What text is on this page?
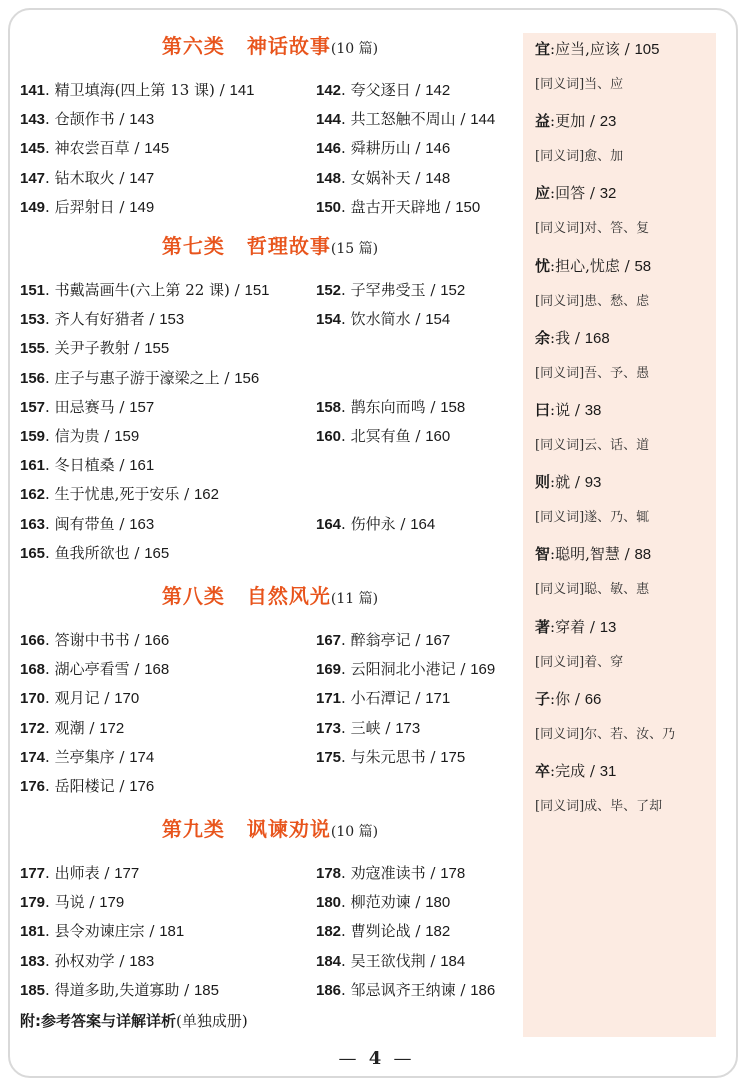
第六类 神话故事(10 篇)
141. 精卫填海(四上第 13 课) / 141	142. 夸父逐日 / 142
143. 仓颉作书 / 143	144. 共工怒触不周山 / 144
145. 神农尝百草 / 145	146. 舜耕历山 / 146
147. 钻木取火 / 147	148. 女娲补天 / 148
149. 后羿射日 / 149	150. 盘古开天辟地 / 150
第七类 哲理故事(15 篇)
151. 书戴嵩画牛(六上第 22 课) / 151	152. 子罕弗受玉 / 152
153. 齐人有好猎者 / 153	154. 饮水简水 / 154
155. 关尹子教射 / 155
156. 庄子与惠子游于濠梁之上 / 156
157. 田忌赛马 / 157	158. 鹊东向而鸣 / 158
159. 信为贵 / 159	160. 北冥有鱼 / 160
161. 冬日植桑 / 161
162. 生于忧患,死于安乐 / 162
163. 闽有带鱼 / 163	164. 伤仲永 / 164
165. 鱼我所欲也 / 165
第八类 自然风光(11 篇)
166. 答谢中书书 / 166	167. 醉翁亭记 / 167
168. 湖心亭看雪 / 168	169. 云阳洞北小港记 / 169
170. 观月记 / 170	171. 小石潭记 / 171
172. 观潮 / 172	173. 三峡 / 173
174. 兰亭集序 / 174	175. 与朱元思书 / 175
176. 岳阳楼记 / 176
第九类 讽谏劝说(10 篇)
177. 出师表 / 177	178. 劝寇准读书 / 178
179. 马说 / 179	180. 柳范劝谏 / 180
181. 县令劝谏庄宗 / 181	182. 曹刿论战 / 182
183. 孙权劝学 / 183	184. 吴王欲伐荆 / 184
185. 得道多助,失道寡助 / 185	186. 邹忌讽齐王纳谏 / 186
附:参考答案与详解详析(单独成册)
宜:应当,应该 / 105
[同义词]当、应
益:更加 / 23
[同义词]愈、加
应:回答 / 32
[同义词]对、答、复
忧:担心,忧虑 / 58
[同义词]患、愁、虑
余:我 / 168
[同义词]吾、予、愚
曰:说 / 38
[同义词]云、话、道
则:就 / 93
[同义词]遂、乃、辄
智:聪明,智慧 / 88
[同义词]聪、敏、惠
著:穿着 / 13
[同义词]着、穿
子:你 / 66
[同义词]尔、若、汝、乃
卒:完成 / 31
[同义词]成、毕、了却
— 4 —
